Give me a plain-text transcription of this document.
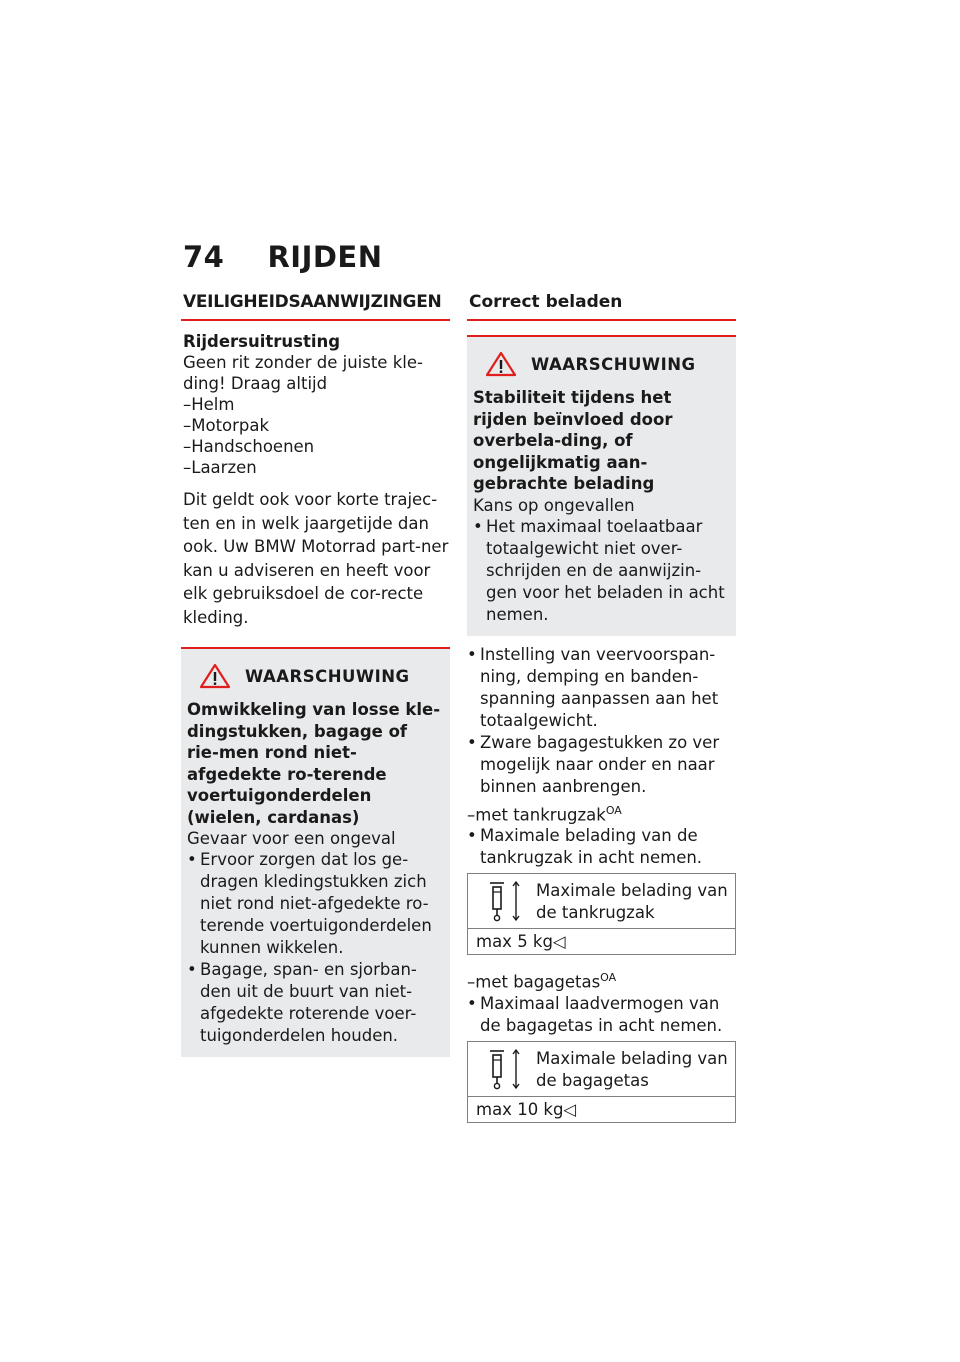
74 RIJDEN
VEILIGHEIDSAANWIJZINGEN
Rijdersuitrusting
Geen rit zonder de juiste kle-ding! Draag altijd
–Helm
–Motorpak
–Handschoenen
–Laarzen
Dit geldt ook voor korte trajec-ten en in welk jaargetijde dan ook. Uw BMW Motorrad part-ner kan u adviseren en heeft voor elk gebruiksdoel de cor-recte kleding.
WAARSCHUWING
Omwikkeling van losse kle-dingstukken, bagage of rie-men rond niet-afgedekte ro-terende voertuigonderdelen (wielen, cardanas)
Gevaar voor een ongeval
• Ervoor zorgen dat los ge-dragen kledingstukken zich niet rond niet-afgedekte ro-terende voertuigonderdelen kunnen wikkelen.
• Bagage, span- en sjorban-den uit de buurt van niet-afgedekte roterende voer-tuigonderdelen houden.
Correct beladen
WAARSCHUWING
Stabiliteit tijdens het rijden beïnvloed door overbela-ding, of ongelijkmatig aan-gebrachte belading
Kans op ongevallen
• Het maximaal toelaatbaar totaalgewicht niet over-schrijden en de aanwijzin-gen voor het beladen in acht nemen.
• Instelling van veervoorspan-ning, demping en banden-spanning aanpassen aan het totaalgewicht.
• Zware bagagestukken zo ver mogelijk naar onder en naar binnen aanbrengen.
–met tankrugzak$^{OA}$
• Maximale belading van de tankrugzak in acht nemen.
Maximale belading van de tankrugzak
max 5 kg◁
–met bagagetas$^{OA}$
• Maximaal laadvermogen van de bagagetas in acht nemen.
Maximale belading van de bagagetas
max 10 kg◁
